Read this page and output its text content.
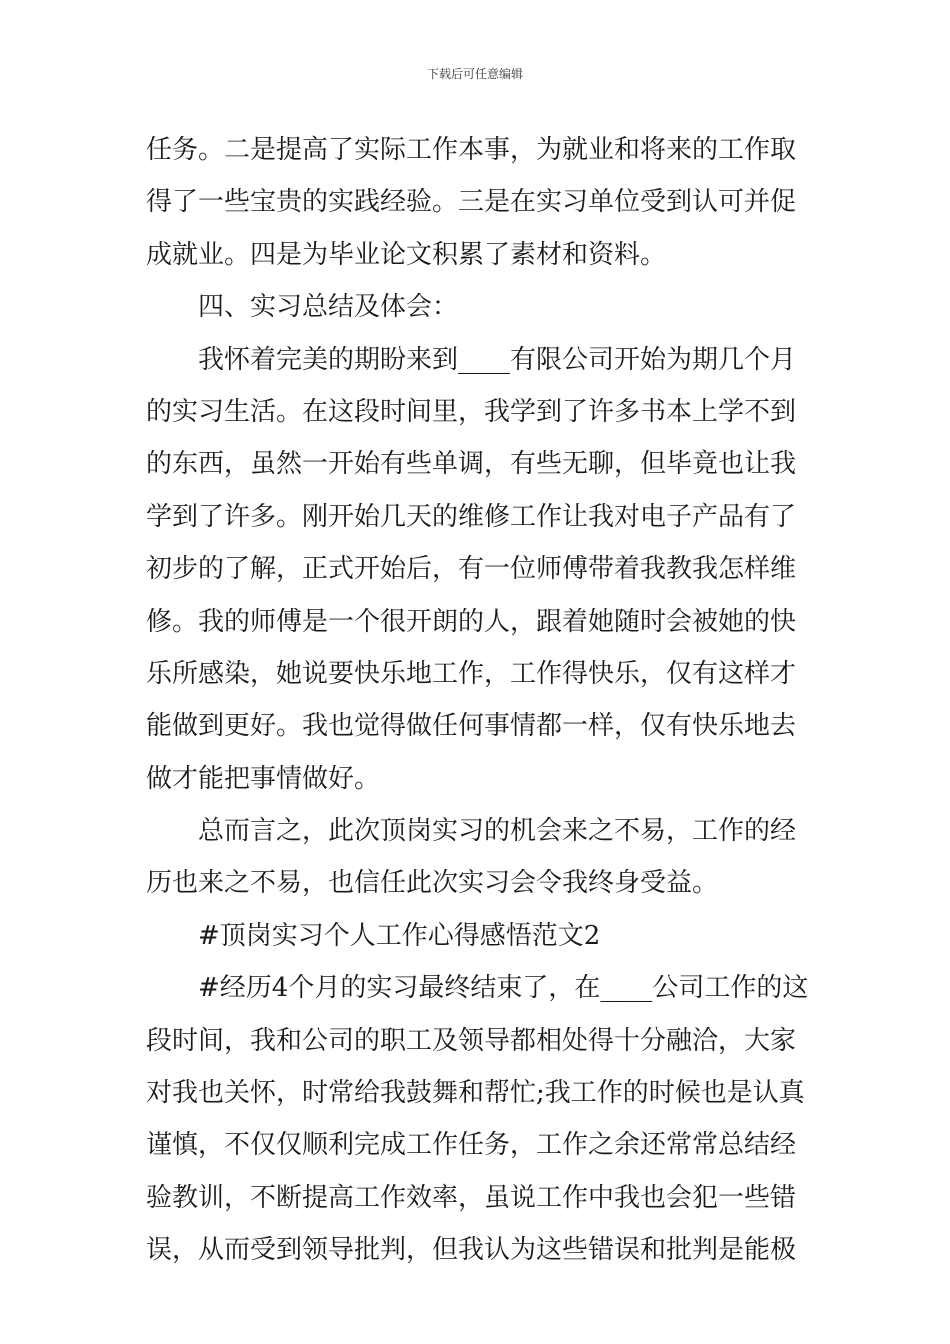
下载后可任意编辑
任务。二是提高了实际工作本事，为就业和将来的工作取
得了一些宝贵的实践经验。三是在实习单位受到认可并促
成就业。四是为毕业论文积累了素材和资料。
四、实习总结及体会：
我怀着完美的期盼来到____有限公司开始为期几个月
的实习生活。在这段时间里，我学到了许多书本上学不到
的东西，虽然一开始有些单调，有些无聊，但毕竟也让我
学到了许多。刚开始几天的维修工作让我对电子产品有了
初步的了解，正式开始后，有一位师傅带着我教我怎样维
修。我的师傅是一个很开朗的人，跟着她随时会被她的快
乐所感染，她说要快乐地工作，工作得快乐，仅有这样才
能做到更好。我也觉得做任何事情都一样，仅有快乐地去
做才能把事情做好。
总而言之，此次顶岗实习的机会来之不易，工作的经
历也来之不易，也信任此次实习会令我终身受益。
#顶岗实习个人工作心得感悟范文2
#经历4个月的实习最终结束了，在____公司工作的这
段时间，我和公司的职工及领导都相处得十分融洽，大家
对我也关怀，时常给我鼓舞和帮忙;我工作的时候也是认真
谨慎，不仅仅顺利完成工作任务，工作之余还常常总结经
验教训，不断提高工作效率，虽说工作中我也会犯一些错
误，从而受到领导批判，但我认为这些错误和批判是能极
